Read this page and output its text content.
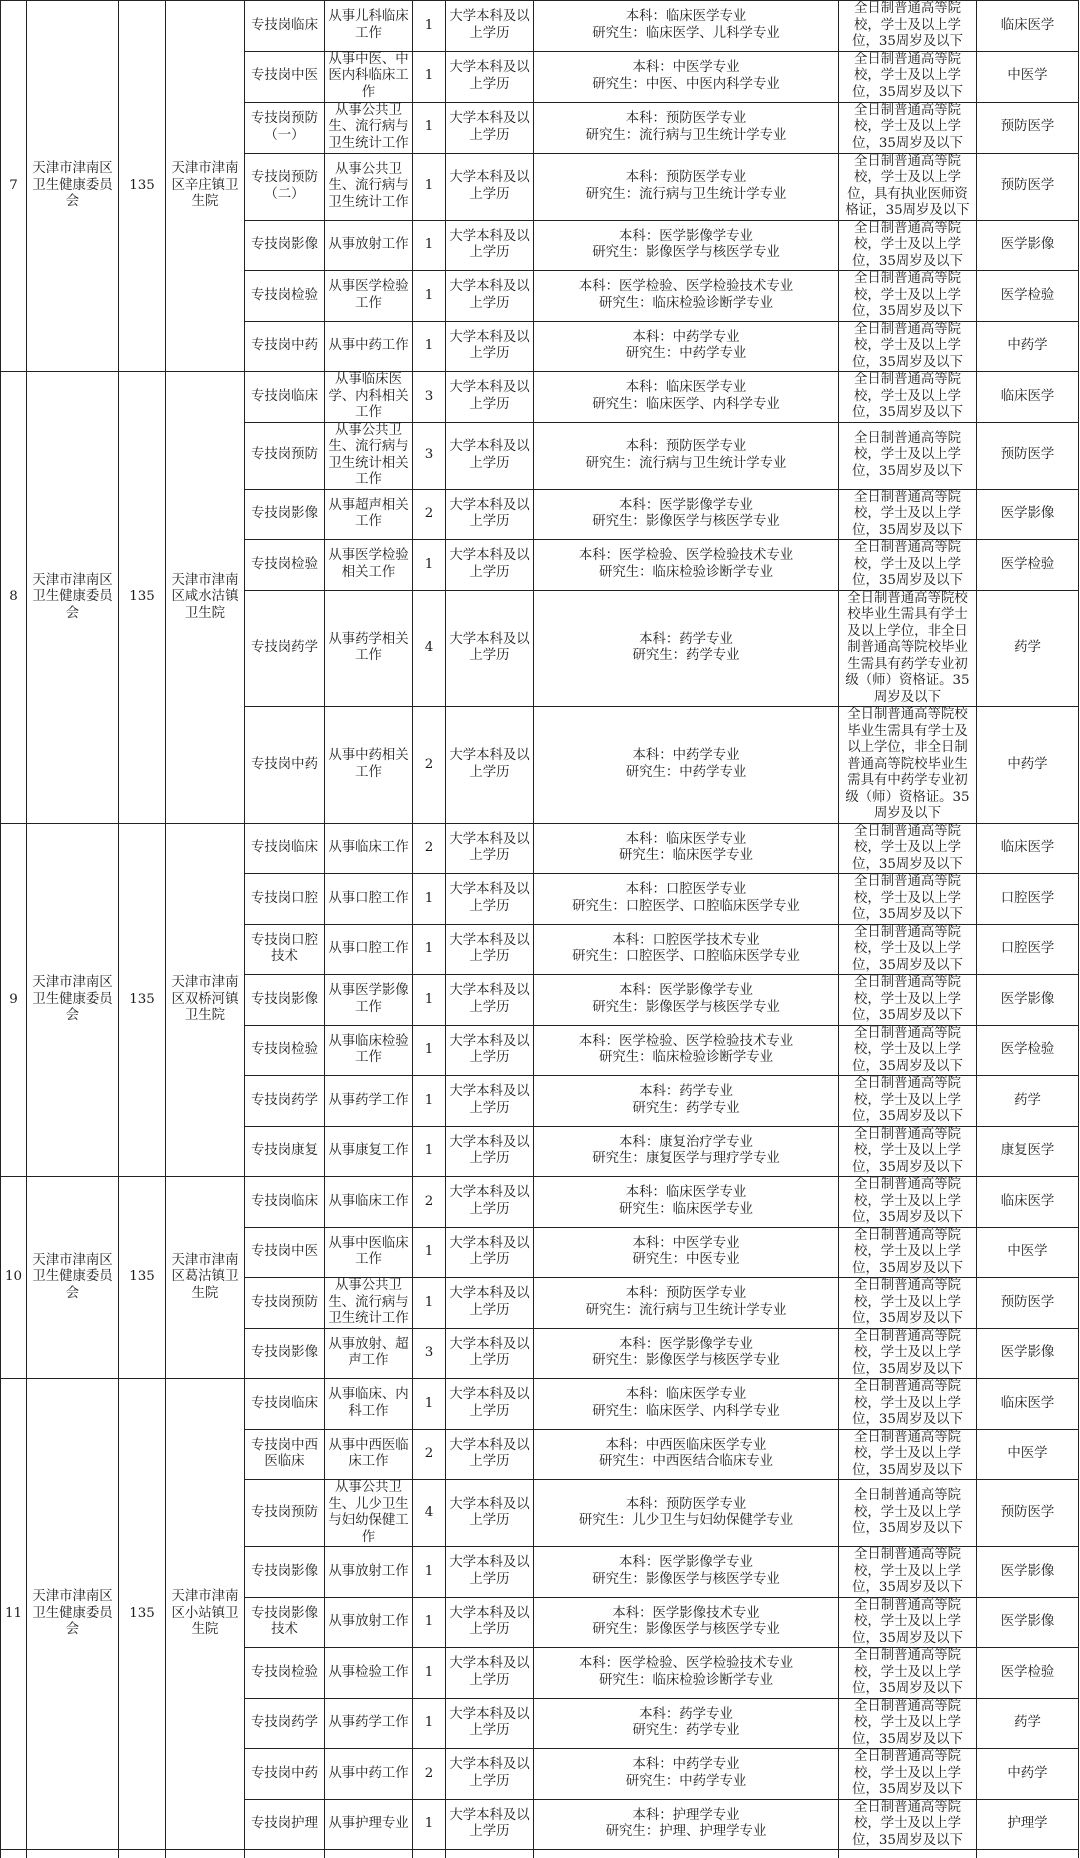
7	天津市津南区卫生健康委员会	135	天津市津南区辛庄镇卫生院	专技岗临床	从事儿科临床工作	1	大学本科及以上学历	本科：临床医学专业
研究生：临床医学、儿科学专业	全日制普通高等院校，学士及以上学位，35周岁及以下	临床医学
				专技岗中医	从事中医、中医内科临床工作	1	大学本科及以上学历	本科：中医学专业
研究生：中医、中医内科学专业	全日制普通高等院校，学士及以上学位，35周岁及以下	中医学
				专技岗预防（一）	从事公共卫生、流行病与卫生统计工作	1	大学本科及以上学历	本科：预防医学专业
研究生：流行病与卫生统计学专业	全日制普通高等院校，学士及以上学位，35周岁及以下	预防医学
				专技岗预防（二）	从事公共卫生、流行病与卫生统计工作	1	大学本科及以上学历	本科：预防医学专业
研究生：流行病与卫生统计学专业	全日制普通高等院校，学士及以上学位，具有执业医师资格证，35周岁及以下	预防医学
				专技岗影像	从事放射工作	1	大学本科及以上学历	本科：医学影像学专业
研究生：影像医学与核医学专业	全日制普通高等院校，学士及以上学位，35周岁及以下	医学影像
				专技岗检验	从事医学检验工作	1	大学本科及以上学历	本科：医学检验、医学检验技术专业
研究生：临床检验诊断学专业	全日制普通高等院校，学士及以上学位，35周岁及以下	医学检验
				专技岗中药	从事中药工作	1	大学本科及以上学历	本科：中药学专业
研究生：中药学专业	全日制普通高等院校，学士及以上学位，35周岁及以下	中药学
8	天津市津南区卫生健康委员会	135	天津市津南区咸水沽镇卫生院	专技岗临床	从事临床医学、内科相关工作	3	大学本科及以上学历	本科：临床医学专业
研究生：临床医学、内科学专业	全日制普通高等院校，学士及以上学位，35周岁及以下	临床医学
				专技岗预防	从事公共卫生、流行病与卫生统计相关工作	3	大学本科及以上学历	本科：预防医学专业
研究生：流行病与卫生统计学专业	全日制普通高等院校，学士及以上学位，35周岁及以下	预防医学
				专技岗影像	从事超声相关工作	2	大学本科及以上学历	本科：医学影像学专业
研究生：影像医学与核医学专业	全日制普通高等院校，学士及以上学位，35周岁及以下	医学影像
				专技岗检验	从事医学检验相关工作	1	大学本科及以上学历	本科：医学检验、医学检验技术专业
研究生：临床检验诊断学专业	全日制普通高等院校，学士及以上学位，35周岁及以下	医学检验
				专技岗药学	从事药学相关工作	4	大学本科及以上学历	本科：药学专业
研究生：药学专业	全日制普通高等院校校毕业生需具有学士及以上学位，非全日制普通高等院校毕业生需具有药学专业初级（师）资格证。35周岁及以下	药学
				专技岗中药	从事中药相关工作	2	大学本科及以上学历	本科：中药学专业
研究生：中药学专业	全日制普通高等院校毕业生需具有学士及以上学位，非全日制普通高等院校毕业生需具有中药学专业初级（师）资格证。35周岁及以下	中药学
9	天津市津南区卫生健康委员会	135	天津市津南区双桥河镇卫生院	专技岗临床	从事临床工作	2	大学本科及以上学历	本科：临床医学专业
研究生：临床医学专业	全日制普通高等院校，学士及以上学位，35周岁及以下	临床医学
				专技岗口腔	从事口腔工作	1	大学本科及以上学历	本科：口腔医学专业
研究生：口腔医学、口腔临床医学专业	全日制普通高等院校，学士及以上学位，35周岁及以下	口腔医学
				专技岗口腔技术	从事口腔工作	1	大学本科及以上学历	本科：口腔医学技术专业
研究生：口腔医学、口腔临床医学专业	全日制普通高等院校，学士及以上学位，35周岁及以下	口腔医学
				专技岗影像	从事医学影像工作	1	大学本科及以上学历	本科：医学影像学专业
研究生：影像医学与核医学专业	全日制普通高等院校，学士及以上学位，35周岁及以下	医学影像
				专技岗检验	从事临床检验工作	1	大学本科及以上学历	本科：医学检验、医学检验技术专业
研究生：临床检验诊断学专业	全日制普通高等院校，学士及以上学位，35周岁及以下	医学检验
				专技岗药学	从事药学工作	1	大学本科及以上学历	本科：药学专业
研究生：药学专业	全日制普通高等院校，学士及以上学位，35周岁及以下	药学
				专技岗康复	从事康复工作	1	大学本科及以上学历	本科：康复治疗学专业
研究生：康复医学与理疗学专业	全日制普通高等院校，学士及以上学位，35周岁及以下	康复医学
10	天津市津南区卫生健康委员会	135	天津市津南区葛沽镇卫生院	专技岗临床	从事临床工作	2	大学本科及以上学历	本科：临床医学专业
研究生：临床医学专业	全日制普通高等院校，学士及以上学位，35周岁及以下	临床医学
				专技岗中医	从事中医临床工作	1	大学本科及以上学历	本科：中医学专业
研究生：中医专业	全日制普通高等院校，学士及以上学位，35周岁及以下	中医学
				专技岗预防	从事公共卫生、流行病与卫生统计工作	1	大学本科及以上学历	本科：预防医学专业
研究生：流行病与卫生统计学专业	全日制普通高等院校，学士及以上学位，35周岁及以下	预防医学
				专技岗影像	从事放射、超声工作	3	大学本科及以上学历	本科：医学影像学专业
研究生：影像医学与核医学专业	全日制普通高等院校，学士及以上学位，35周岁及以下	医学影像
11	天津市津南区卫生健康委员会	135	天津市津南区小站镇卫生院	专技岗临床	从事临床、内科工作	1	大学本科及以上学历	本科：临床医学专业
研究生：临床医学、内科学专业	全日制普通高等院校，学士及以上学位，35周岁及以下	临床医学
				专技岗中西医临床	从事中西医临床工作	2	大学本科及以上学历	本科：中西医临床医学专业
研究生：中西医结合临床专业	全日制普通高等院校，学士及以上学位，35周岁及以下	中医学
				专技岗预防	从事公共卫生、儿少卫生与妇幼保健工作	4	大学本科及以上学历	本科：预防医学专业
研究生：儿少卫生与妇幼保健学专业	全日制普通高等院校，学士及以上学位，35周岁及以下	预防医学
				专技岗影像	从事放射工作	1	大学本科及以上学历	本科：医学影像学专业
研究生：影像医学与核医学专业	全日制普通高等院校，学士及以上学位，35周岁及以下	医学影像
				专技岗影像技术	从事放射工作	1	大学本科及以上学历	本科：医学影像技术专业
研究生：影像医学与核医学专业	全日制普通高等院校，学士及以上学位，35周岁及以下	医学影像
				专技岗检验	从事检验工作	1	大学本科及以上学历	本科：医学检验、医学检验技术专业
研究生：临床检验诊断学专业	全日制普通高等院校，学士及以上学位，35周岁及以下	医学检验
				专技岗药学	从事药学工作	1	大学本科及以上学历	本科：药学专业
研究生：药学专业	全日制普通高等院校，学士及以上学位，35周岁及以下	药学
				专技岗中药	从事中药工作	2	大学本科及以上学历	本科：中药学专业
研究生：中药学专业	全日制普通高等院校，学士及以上学位，35周岁及以下	中药学
				专技岗护理	从事护理专业	1	大学本科及以上学历	本科：护理学专业
研究生：护理、护理学专业	全日制普通高等院校，学士及以上学位，35周岁及以下	护理学
